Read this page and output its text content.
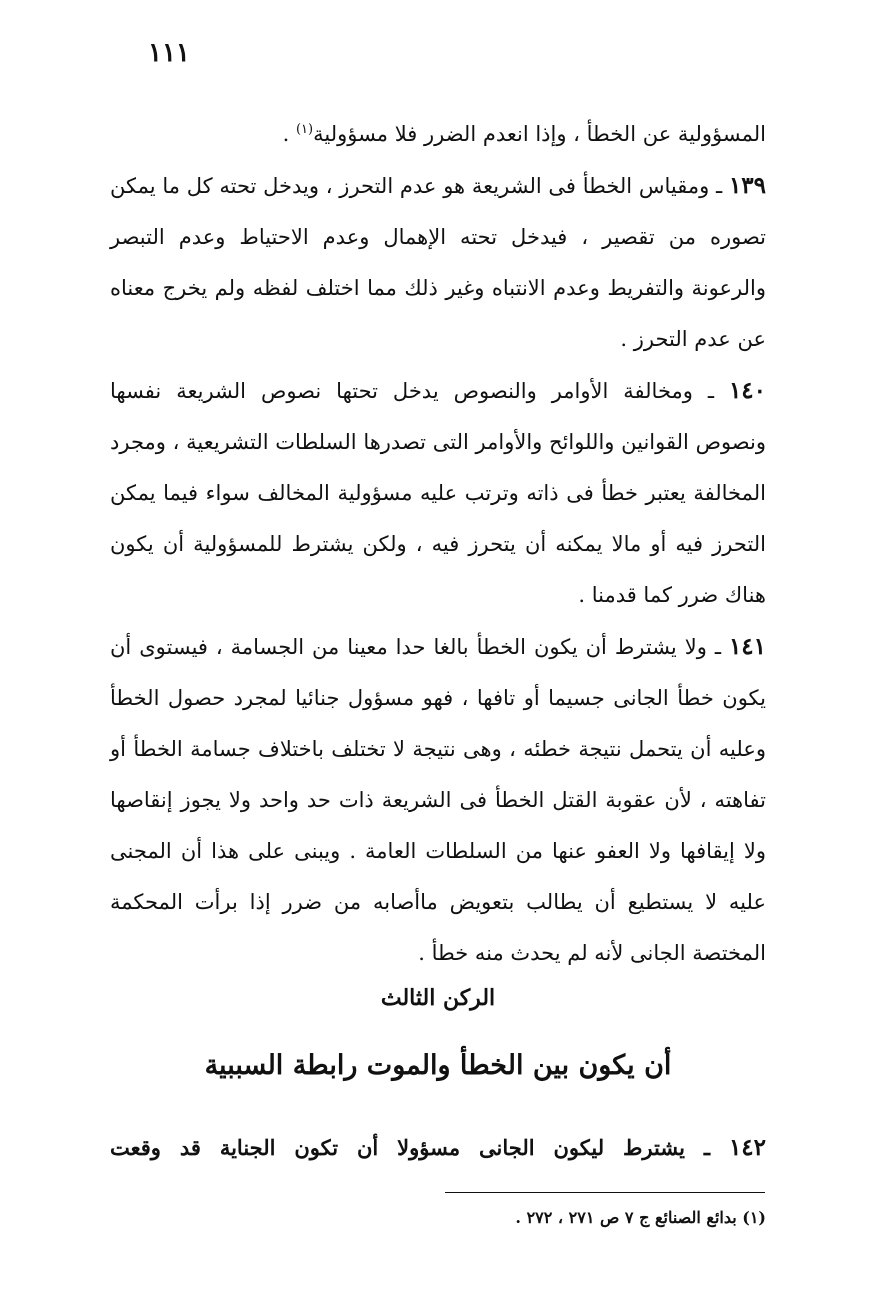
١١١

المسؤولية عن الخطأ ، وإذا انعدم الضرر فلا مسؤولية$^{(١)}$ .

١٣٩ ـ ومقياس الخطأ فى الشريعة هو عدم التحرز ، ويدخل تحته كل ما يمكن تصوره من تقصير ، فيدخل تحته الإهمال وعدم الاحتياط وعدم التبصر والرعونة والتفريط وعدم الانتباه وغير ذلك مما اختلف لفظه ولم يخرج معناه عن عدم التحرز .

١٤٠ ـ ومخالفة الأوامر والنصوص يدخل تحتها نصوص الشريعة نفسها ونصوص القوانين واللوائح والأوامر التى تصدرها السلطات التشريعية ، ومجرد المخالفة يعتبر خطأ فى ذاته وترتب عليه مسؤولية المخالف سواء فيما يمكن التحرز فيه أو مالا يمكنه أن يتحرز فيه ، ولكن يشترط للمسؤولية أن يكون هناك ضرر كما قدمنا .

١٤١ ـ ولا يشترط أن يكون الخطأ بالغا حدا معينا من الجسامة ، فيستوى أن يكون خطأ الجانى جسيما أو تافها ، فهو مسؤول جنائيا لمجرد حصول الخطأ وعليه أن يتحمل نتيجة خطئه ، وهى نتيجة لا تختلف باختلاف جسامة الخطأ أو تفاهته ، لأن عقوبة القتل الخطأ فى الشريعة ذات حد واحد ولا يجوز إنقاصها ولا إيقافها ولا العفو عنها من السلطات العامة . ويبنى على هذا أن المجنى عليه لا يستطيع أن يطالب بتعويض ماأصابه من ضرر إذا برأت المحكمة المختصة الجانى لأنه لم يحدث منه خطأ .

الركن الثالث
أن يكون بين الخطأ والموت رابطة السببية
١٤٢ ـ يشترط ليكون الجانى مسؤولا أن تكون الجناية قد وقعت
(١) بدائع الصنائع ج ٧ ص ٢٧١ ، ٢٧٢ .
